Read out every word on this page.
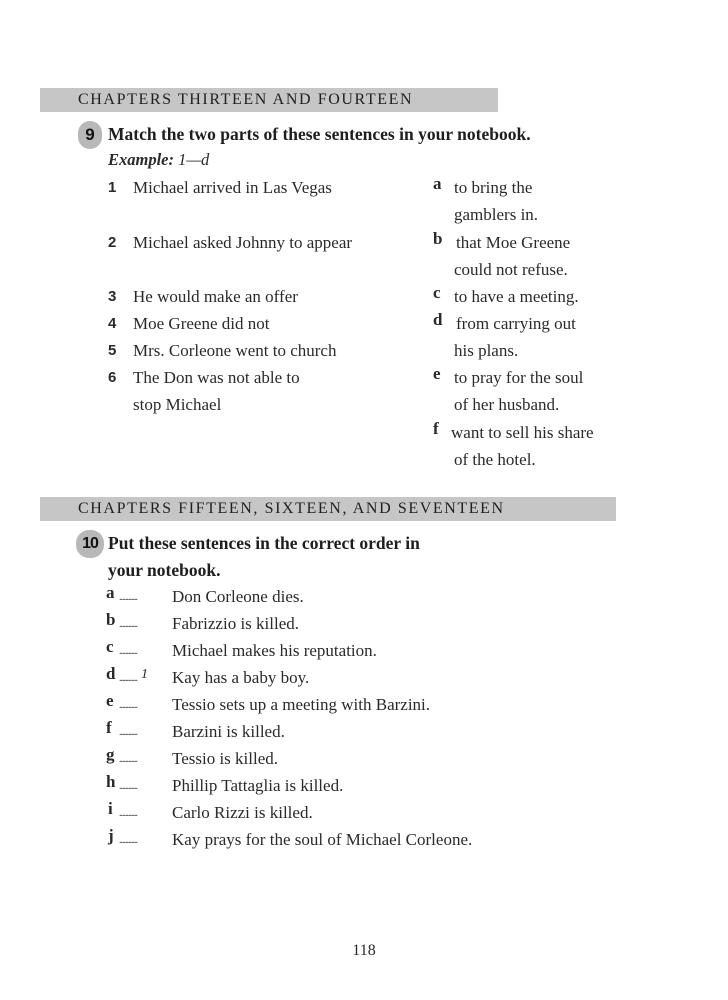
CHAPTERS THIRTEEN AND FOURTEEN
9 Match the two parts of these sentences in your notebook.
Example: 1—d
1 Michael arrived in Las Vegas
2 Michael asked Johnny to appear
3 He would make an offer
4 Moe Greene did not
5 Mrs. Corleone went to church
6 The Don was not able to
stop Michael
a to bring the
gamblers in.
b that Moe Greene
could not refuse.
c to have a meeting.
d from carrying out
his plans.
e to pray for the soul
of her husband.
f want to sell his share
of the hotel.
CHAPTERS FIFTEEN, SIXTEEN, AND SEVENTEEN
10 Put these sentences in the correct order in
your notebook.
a ............ Don Corleone dies.
b ............ Fabrizzio is killed.
c ............ Michael makes his reputation.
d ............ 1 Kay has a baby boy.
e ............ Tessio sets up a meeting with Barzini.
f ............ Barzini is killed.
g ............ Tessio is killed.
h ............ Phillip Tattaglia is killed.
i ............ Carlo Rizzi is killed.
j ............ Kay prays for the soul of Michael Corleone.
118
